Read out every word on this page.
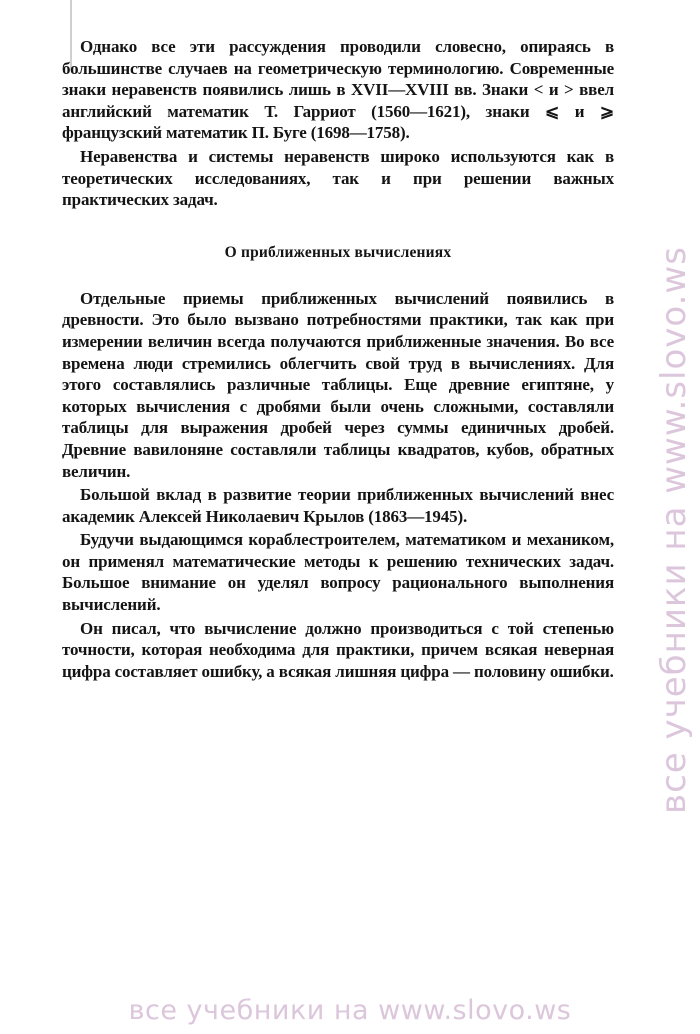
Однако все эти рассуждения проводили словесно, опираясь в большинстве случаев на геометрическую терминологию. Современные знаки неравенств появились лишь в XVII—XVIII вв. Знаки < и > ввел английский математик Т. Гарриот (1560—1621), знаки ⩽ и ⩾ французский математик П. Буге (1698—1758).

Неравенства и системы неравенств широко используются как в теоретических исследованиях, так и при решении важных практических задач.

О приближенных вычислениях

Отдельные приемы приближенных вычислений появились в древности. Это было вызвано потребностями практики, так как при измерении величин всегда получаются приближенные значения. Во все времена люди стремились облегчить свой труд в вычислениях. Для этого составлялись различные таблицы. Еще древние египтяне, у которых вычисления с дробями были очень сложными, составляли таблицы для выражения дробей через суммы единичных дробей. Древние вавилоняне составляли таблицы квадратов, кубов, обратных величин.

Большой вклад в развитие теории приближенных вычислений внес академик Алексей Николаевич Крылов (1863—1945).

Будучи выдающимся кораблестроителем, математиком и механиком, он применял математические методы к решению технических задач. Большое внимание он уделял вопросу рационального выполнения вычислений.

Он писал, что вычисление должно производиться с той степенью точности, которая необходима для практики, причем всякая неверная цифра составляет ошибку, а всякая лишняя цифра — половину ошибки. все учебники на www.slovo.ws
все учебники на www.slovo.ws
